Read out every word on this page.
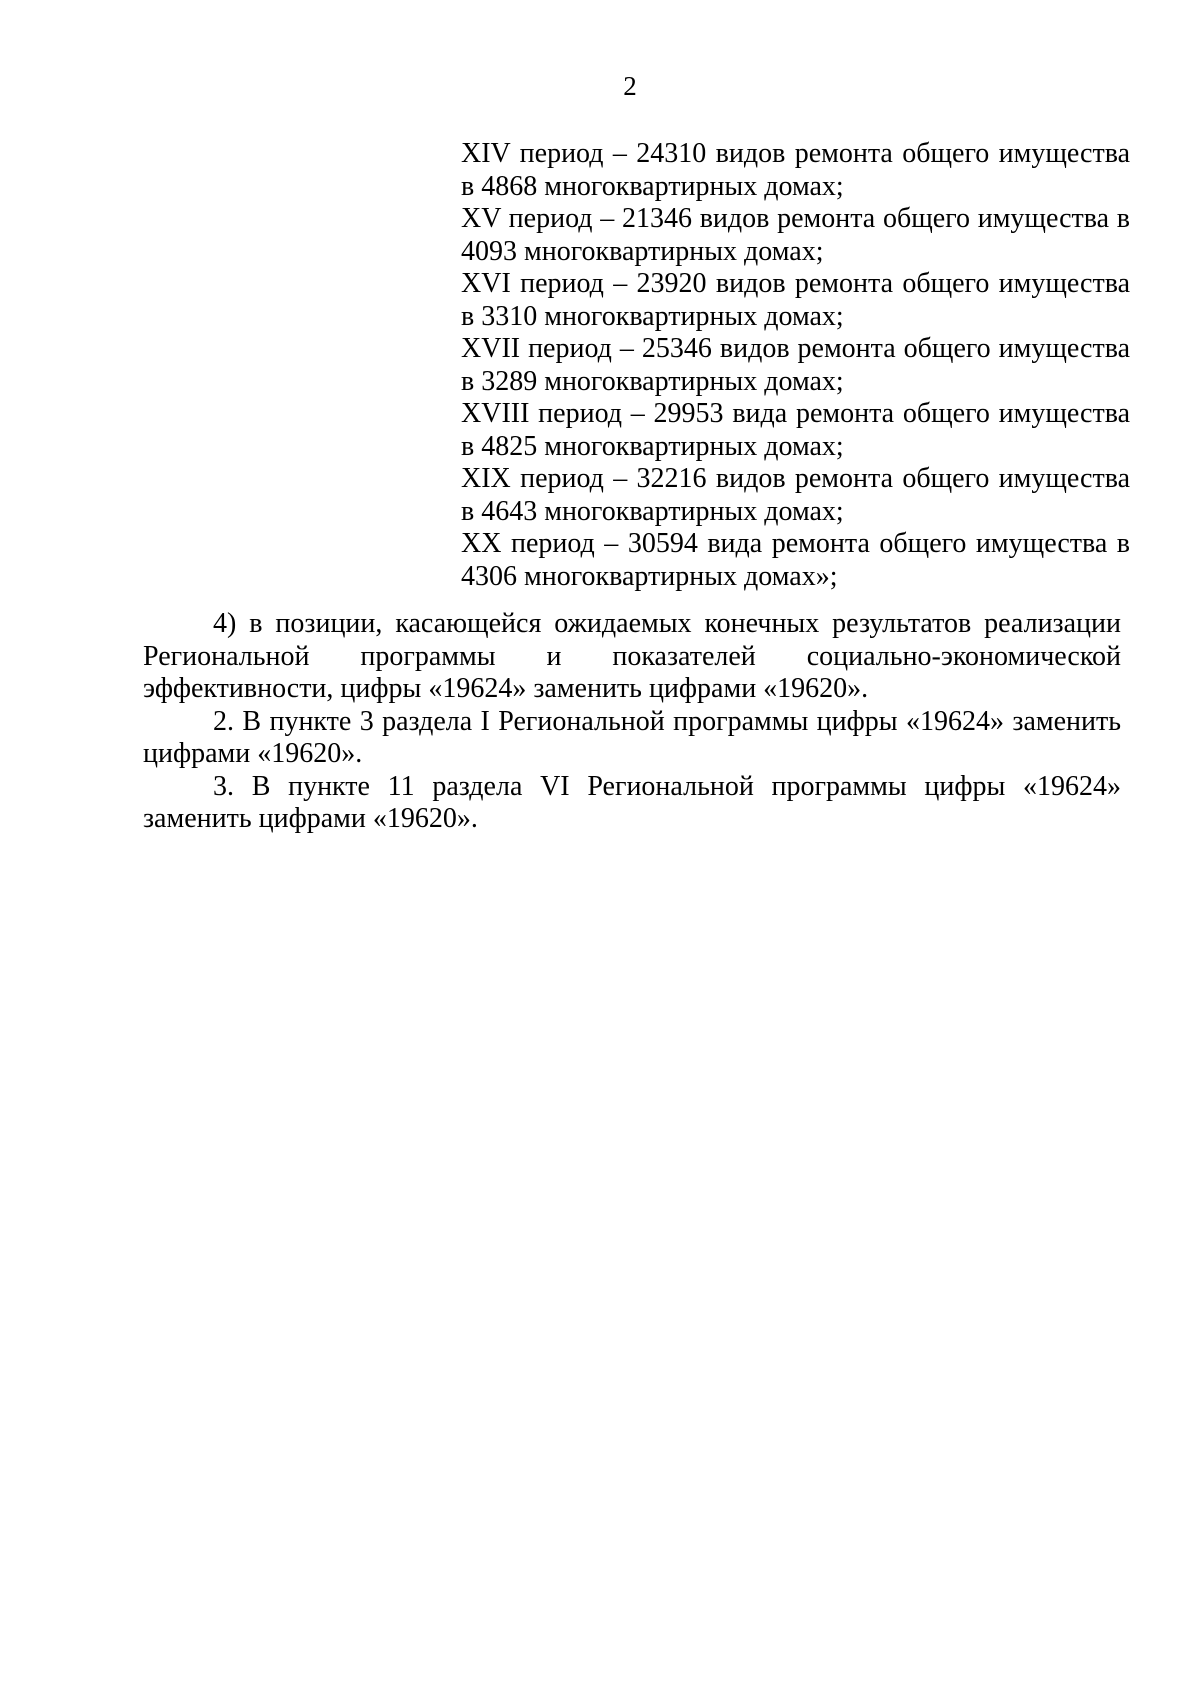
2

XIV период – 24310 видов ремонта общего имущества в 4868 многоквартирных домах;

XV период – 21346 видов ремонта общего имущества в 4093 многоквартирных домах;

XVI период – 23920 видов ремонта общего имущества в 3310 многоквартирных домах;

XVII период – 25346 видов ремонта общего имущества в 3289 многоквартирных домах;

XVIII период – 29953 вида ремонта общего имущества в 4825 многоквартирных домах;

XIX период – 32216 видов ремонта общего имущества в 4643 многоквартирных домах;

XX период – 30594 вида ремонта общего имущества в 4306 многоквартирных домах»;

4) в позиции, касающейся ожидаемых конечных результатов реализации Региональной программы и показателей социально-экономической эффективности, цифры «19624» заменить цифрами «19620».

2. В пункте 3 раздела I Региональной программы цифры «19624» заменить цифрами «19620».

3. В пункте 11 раздела VI Региональной программы цифры «19624» заменить цифрами «19620».
